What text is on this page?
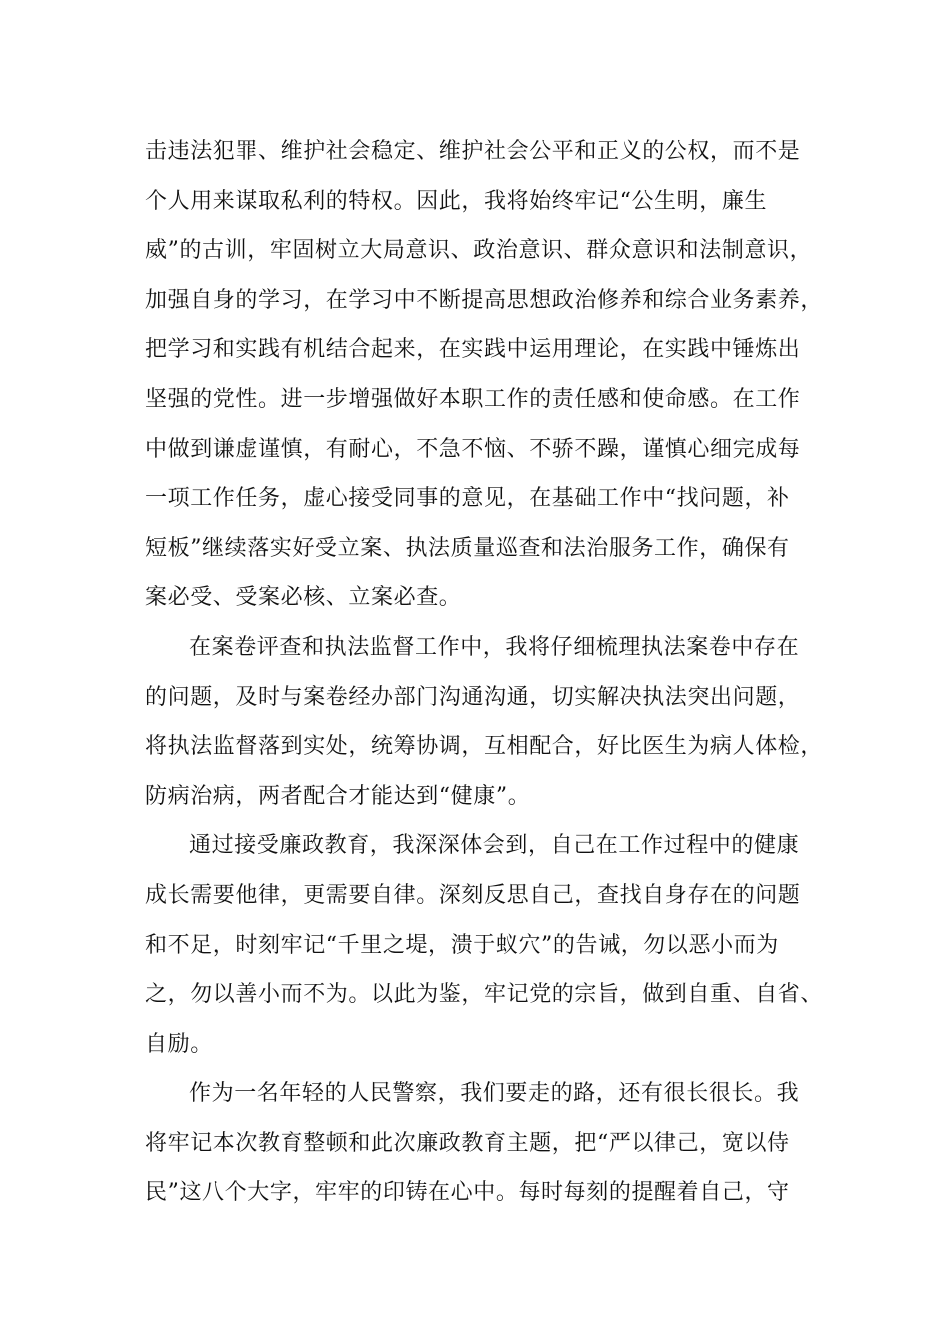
击违法犯罪、维护社会稳定、维护社会公平和正义的公权，而不是
个人用来谋取私利的特权。因此，我将始终牢记“公生明，廉生
威”的古训，牢固树立大局意识、政治意识、群众意识和法制意识，
加强自身的学习，在学习中不断提高思想政治修养和综合业务素养，
把学习和实践有机结合起来，在实践中运用理论，在实践中锤炼出
坚强的党性。进一步增强做好本职工作的责任感和使命感。在工作
中做到谦虚谨慎，有耐心，不急不恼、不骄不躁，谨慎心细完成每
一项工作任务，虚心接受同事的意见，在基础工作中“找问题，补
短板”继续落实好受立案、执法质量巡查和法治服务工作，确保有
案必受、受案必核、立案必查。
在案卷评查和执法监督工作中，我将仔细梳理执法案卷中存在
的问题，及时与案卷经办部门沟通沟通，切实解决执法突出问题，
将执法监督落到实处，统筹协调，互相配合，好比医生为病人体检，
防病治病，两者配合才能达到“健康”。
通过接受廉政教育，我深深体会到，自己在工作过程中的健康
成长需要他律，更需要自律。深刻反思自己，查找自身存在的问题
和不足，时刻牢记“千里之堤，溃于蚁穴”的告诫，勿以恶小而为
之，勿以善小而不为。以此为鉴，牢记党的宗旨，做到自重、自省、
自励。
作为一名年轻的人民警察，我们要走的路，还有很长很长。我
将牢记本次教育整顿和此次廉政教育主题，把“严以律己，宽以侍
民”这八个大字，牢牢的印铸在心中。每时每刻的提醒着自己，守
